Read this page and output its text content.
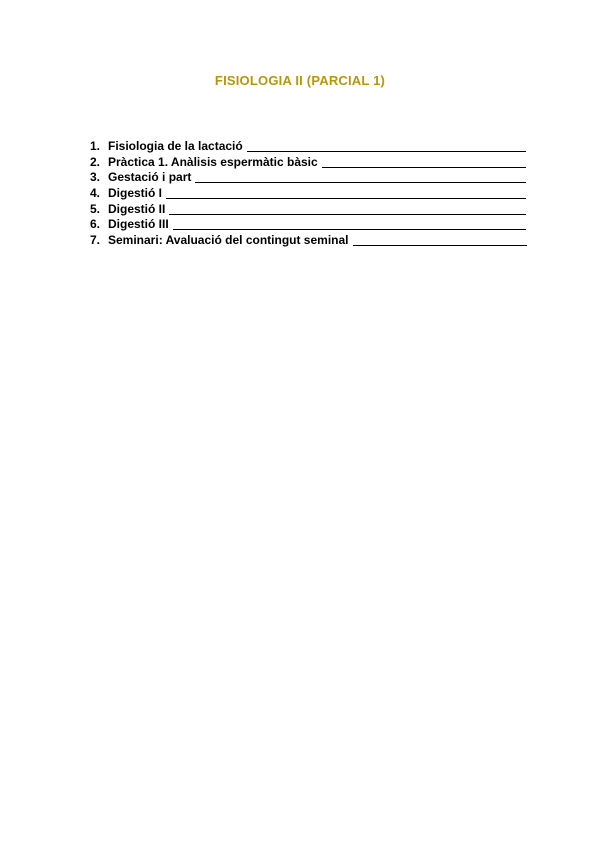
FISIOLOGIA II (PARCIAL 1)
1. Fisiologia de la lactació
2. Pràctica 1. Anàlisis espermàtic bàsic
3. Gestació i part
4. Digestió I
5. Digestió II
6. Digestió III
7. Seminari: Avaluació del contingut seminal
